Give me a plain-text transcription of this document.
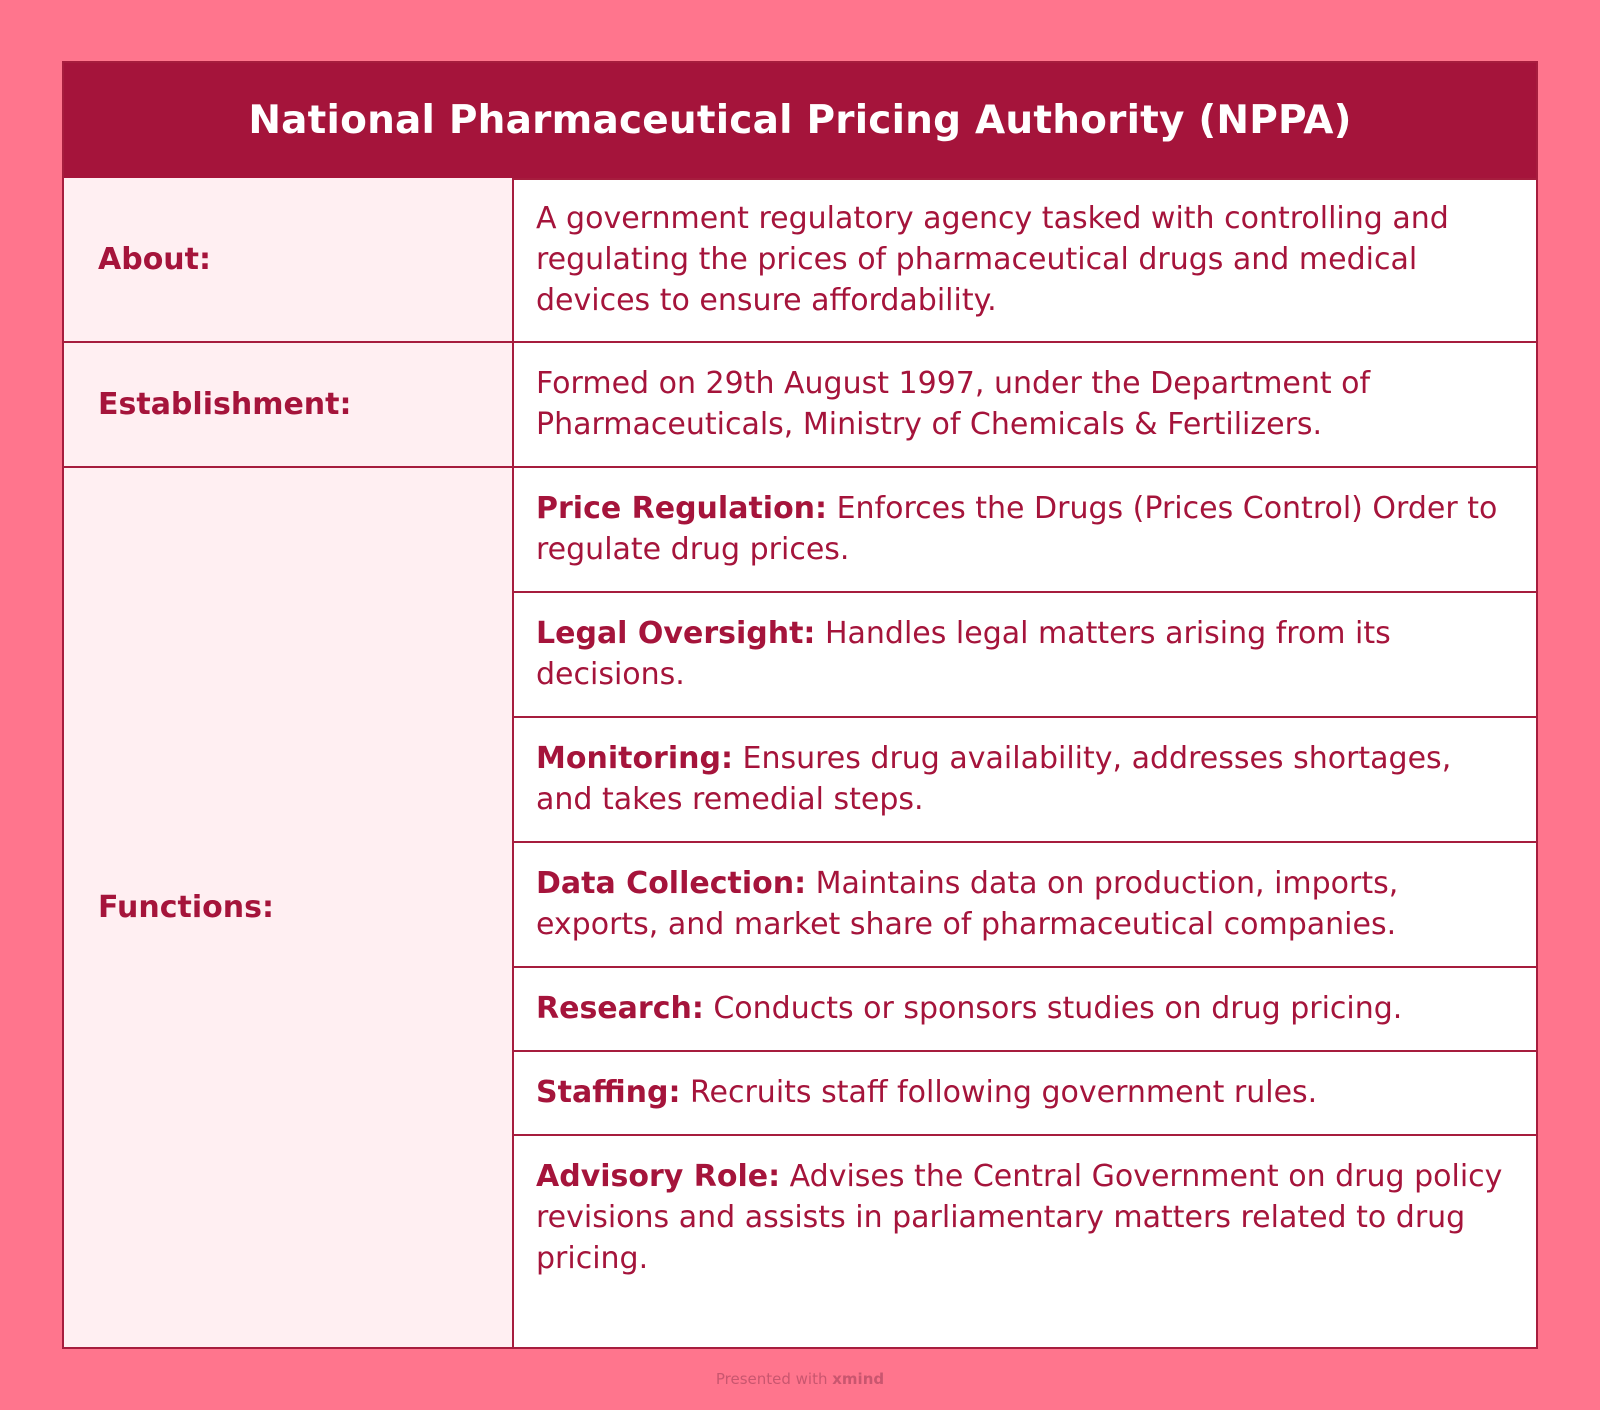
National Pharmaceutical Pricing Authority (NPPA)
About:
A government regulatory agency tasked with controlling and regulating the prices of pharmaceutical drugs and medical devices to ensure affordability.
Establishment:
Formed on 29th August 1997, under the Department of Pharmaceuticals, Ministry of Chemicals & Fertilizers.
Functions:
Price Regulation: Enforces the Drugs (Prices Control) Order to regulate drug prices.
Legal Oversight: Handles legal matters arising from its decisions.
Monitoring: Ensures drug availability, addresses shortages, and takes remedial steps.
Data Collection: Maintains data on production, imports, exports, and market share of pharmaceutical companies.
Research: Conducts or sponsors studies on drug pricing.
Staffing: Recruits staff following government rules.
Advisory Role: Advises the Central Government on drug policy revisions and assists in parliamentary matters related to drug pricing.
Presented with xmind
